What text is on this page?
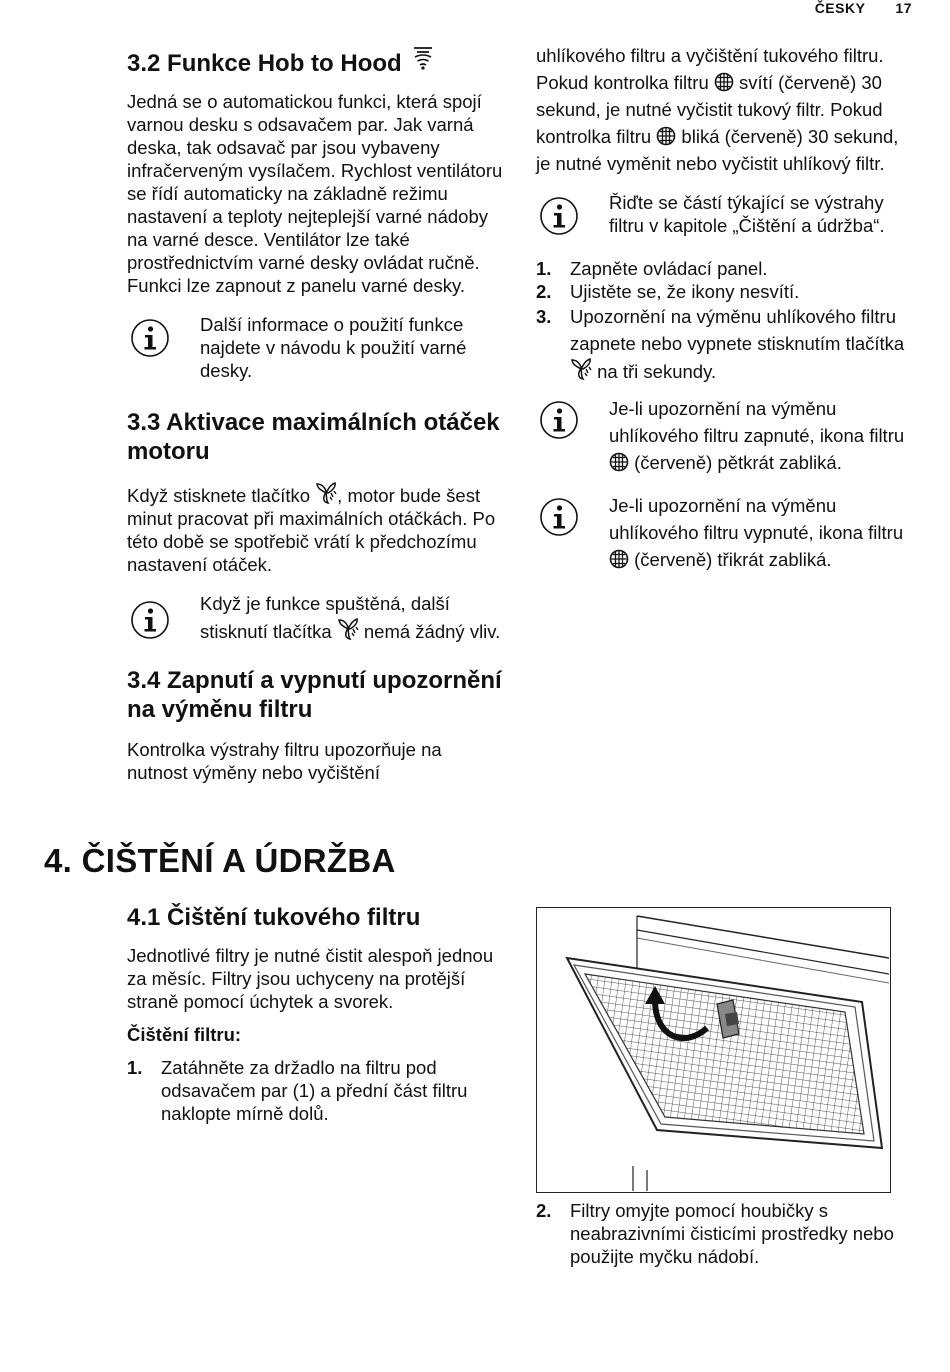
ČESKY 17
3.2 Funkce Hob to Hood

Jedná se o automatickou funkci, která spojí varnou desku s odsavačem par. Jak varná deska, tak odsavač par jsou vybaveny infračerveným vysílačem. Rychlost ventilátoru se řídí automaticky na základně režimu nastavení a teploty nejteplejší varné nádoby na varné desce. Ventilátor lze také prostřednictvím varné desky ovládat ručně. Funkci lze zapnout z panelu varné desky.

Další informace o použití funkce najdete v návodu k použití varné desky.

3.3 Aktivace maximálních otáček motoru

Když stisknete tlačítko , motor bude šest minut pracovat při maximálních otáčkách. Po této době se spotřebič vrátí k předchozímu nastavení otáček.

Když je funkce spuštěná, další stisknutí tlačítka  nemá žádný vliv.

3.4 Zapnutí a vypnutí upozornění na výměnu filtru

Kontrolka výstrahy filtru upozorňuje na nutnost výměny nebo vyčištění

uhlíkového filtru a vyčištění tukového filtru. Pokud kontrolka filtru  svítí (červeně) 30 sekund, je nutné vyčistit tukový filtr. Pokud kontrolka filtru  bliká (červeně) 30 sekund, je nutné vyměnit nebo vyčistit uhlíkový filtr.

Řiďte se částí týkající se výstrahy filtru v kapitole „Čištění a údržba“.

1. Zapněte ovládací panel.
2. Ujistěte se, že ikony nesvítí.
3. Upozornění na výměnu uhlíkového filtru zapnete nebo vypnete stisknutím tlačítka  na tři sekundy.

Je-li upozornění na výměnu uhlíkového filtru zapnuté, ikona filtru  (červeně) pětkrát zabliká.

Je-li upozornění na výměnu uhlíkového filtru vypnuté, ikona filtru  (červeně) třikrát zabliká.

4. ČIŠTĚNÍ A ÚDRŽBA
4.1 Čištění tukového filtru

Jednotlivé filtry je nutné čistit alespoň jednou za měsíc. Filtry jsou uchyceny na protější straně pomocí úchytek a svorek.

Čištění filtru:

1. Zatáhněte za držadlo na filtru pod odsavačem par (1) a přední část filtru naklopte mírně dolů.
2. Filtry omyjte pomocí houbičky s neabrazivními čisticími prostředky nebo použijte myčku nádobí.
